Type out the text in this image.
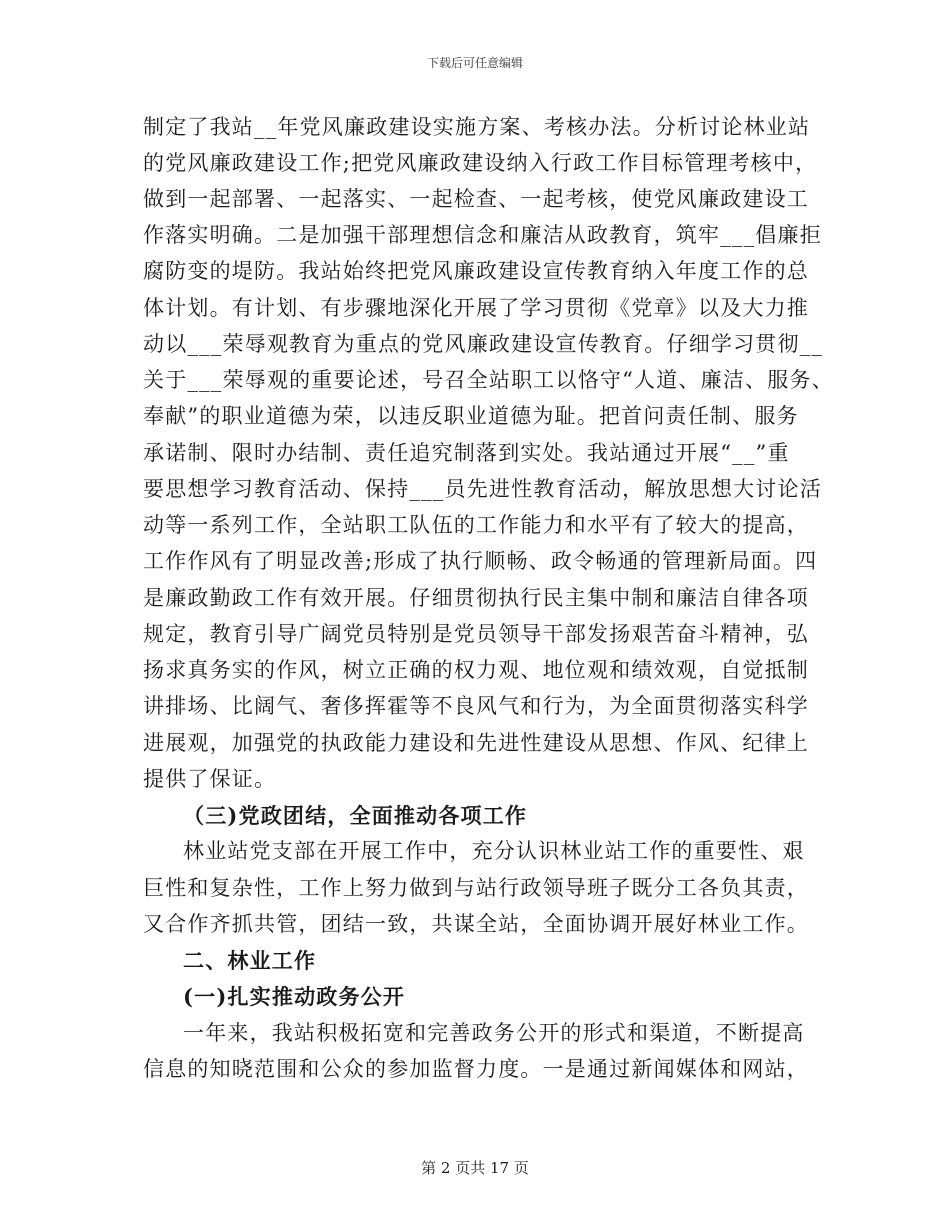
下载后可任意编辑
制定了我站__年党风廉政建设实施方案、考核办法。分析讨论林业站
的党风廉政建设工作;把党风廉政建设纳入行政工作目标管理考核中，
做到一起部署、一起落实、一起检查、一起考核，使党风廉政建设工
作落实明确。二是加强干部理想信念和廉洁从政教育，筑牢___倡廉拒
腐防变的堤防。我站始终把党风廉政建设宣传教育纳入年度工作的总
体计划。有计划、有步骤地深化开展了学习贯彻《党章》以及大力推
动以___荣辱观教育为重点的党风廉政建设宣传教育。仔细学习贯彻__
关于___荣辱观的重要论述，号召全站职工以恪守“人道、廉洁、服务、
奉献”的职业道德为荣，以违反职业道德为耻。把首问责任制、服务
承诺制、限时办结制、责任追究制落到实处。我站通过开展“__”重
要思想学习教育活动、保持___员先进性教育活动，解放思想大讨论活
动等一系列工作，全站职工队伍的工作能力和水平有了较大的提高，
工作作风有了明显改善;形成了执行顺畅、政令畅通的管理新局面。四
是廉政勤政工作有效开展。仔细贯彻执行民主集中制和廉洁自律各项
规定，教育引导广阔党员特别是党员领导干部发扬艰苦奋斗精神，弘
扬求真务实的作风，树立正确的权力观、地位观和绩效观，自觉抵制
讲排场、比阔气、奢侈挥霍等不良风气和行为，为全面贯彻落实科学
进展观，加强党的执政能力建设和先进性建设从思想、作风、纪律上
提供了保证。
（三)党政团结，全面推动各项工作
林业站党支部在开展工作中，充分认识林业站工作的重要性、艰
巨性和复杂性，工作上努力做到与站行政领导班子既分工各负其责，
又合作齐抓共管，团结一致，共谋全站，全面协调开展好林业工作。
二、林业工作
(一)扎实推动政务公开
一年来，我站积极拓宽和完善政务公开的形式和渠道，不断提高
信息的知晓范围和公众的参加监督力度。一是通过新闻媒体和网站，
第 2 页共 17 页
